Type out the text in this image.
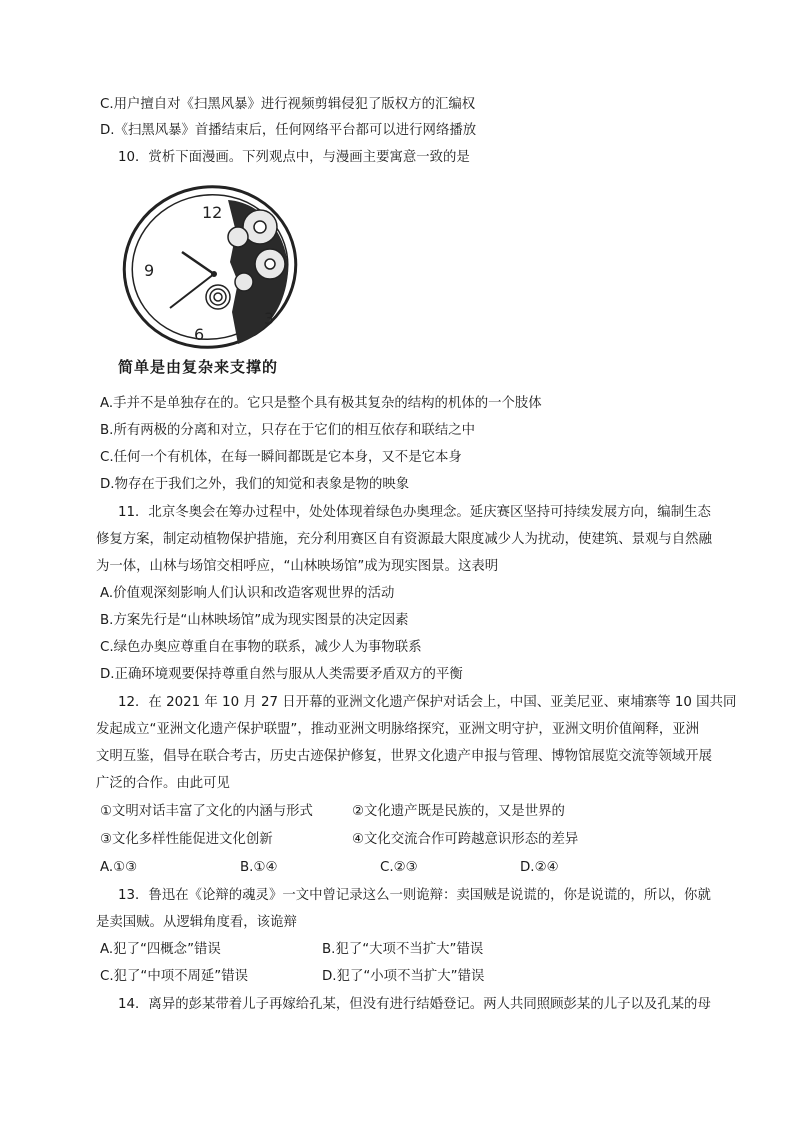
C.用户擅自对《扫黑风暴》进行视频剪辑侵犯了版权方的汇编权
D.《扫黑风暴》首播结束后，任何网络平台都可以进行网络播放
10．赏析下面漫画。下列观点中，与漫画主要寓意一致的是
12
9
6
3
简单是由复杂来支撑的
A.手并不是单独存在的。它只是整个具有极其复杂的结构的机体的一个肢体
B.所有两极的分离和对立，只存在于它们的相互依存和联结之中
C.任何一个有机体，在每一瞬间都既是它本身，又不是它本身
D.物存在于我们之外，我们的知觉和表象是物的映象
11．北京冬奥会在筹办过程中，处处体现着绿色办奥理念。延庆赛区坚持可持续发展方向，编制生态
修复方案，制定动植物保护措施，充分利用赛区自有资源最大限度减少人为扰动，使建筑、景观与自然融
为一体，山林与场馆交相呼应，“山林映场馆”成为现实图景。这表明
A.价值观深刻影响人们认识和改造客观世界的活动
B.方案先行是“山林映场馆”成为现实图景的决定因素
C.绿色办奥应尊重自在事物的联系，减少人为事物联系
D.正确环境观要保持尊重自然与服从人类需要矛盾双方的平衡
12．在 2021 年 10 月 27 日开幕的亚洲文化遗产保护对话会上，中国、亚美尼亚、柬埔寨等 10 国共同
发起成立“亚洲文化遗产保护联盟”，推动亚洲文明脉络探究，亚洲文明守护，亚洲文明价值阐释，亚洲
文明互鉴，倡导在联合考古，历史古迹保护修复，世界文化遗产申报与管理、博物馆展览交流等领域开展
广泛的合作。由此可见
①文明对话丰富了文化的内涵与形式	②文化遗产既是民族的，又是世界的
③文化多样性能促进文化创新	④文化交流合作可跨越意识形态的差异
A.①③	B.①④	C.②③	D.②④
13．鲁迅在《论辩的魂灵》一文中曾记录这么一则诡辩：卖国贼是说谎的，你是说谎的，所以，你就
是卖国贼。从逻辑角度看，该诡辩
A.犯了“四概念”错误	B.犯了“大项不当扩大”错误
C.犯了“中项不周延”错误	D.犯了“小项不当扩大”错误
14．离异的彭某带着儿子再嫁给孔某，但没有进行结婚登记。两人共同照顾彭某的儿子以及孔某的母
